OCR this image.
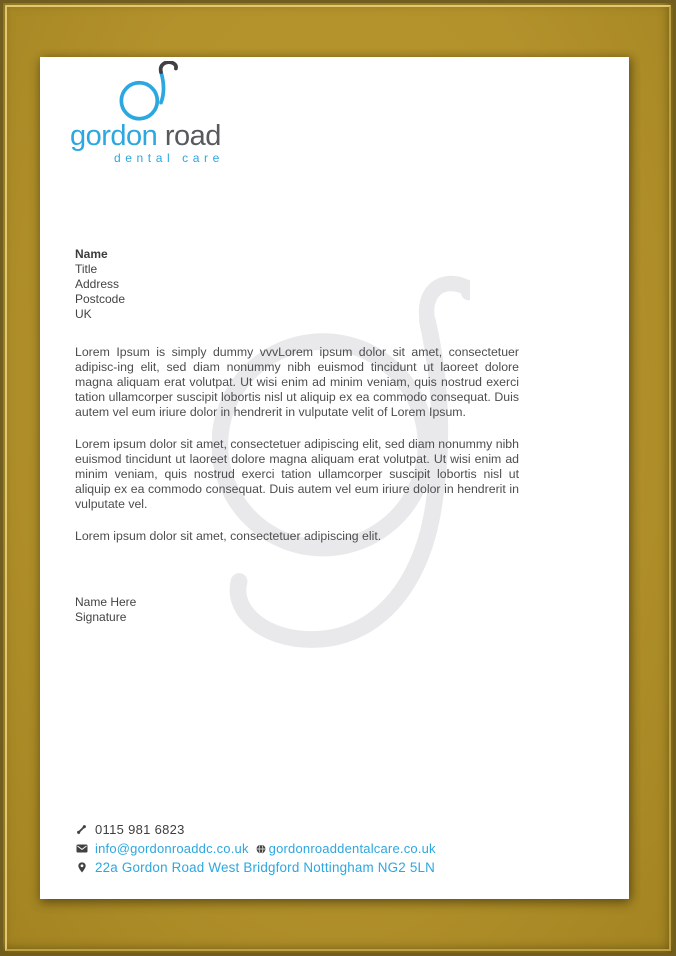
gordon road
dental care
Name
Title
Address
Postcode
UK

Lorem Ipsum is simply dummy vvvLorem ipsum dolor sit amet, consectetuer adipisc-ing elit, sed diam nonummy nibh euismod tincidunt ut laoreet dolore magna aliquam erat volutpat. Ut wisi enim ad minim veniam, quis nostrud exerci tation ullamcorper suscipit lobortis nisl ut aliquip ex ea commodo consequat. Duis autem vel eum iriure dolor in hendrerit in vulputate velit of Lorem Ipsum.

Lorem ipsum dolor sit amet, consectetuer adipiscing elit, sed diam nonummy nibh euismod tincidunt ut laoreet dolore magna aliquam erat volutpat. Ut wisi enim ad minim veniam, quis nostrud exerci tation ullamcorper suscipit lobortis nisl ut aliquip ex ea commodo consequat. Duis autem vel eum iriure dolor in hendrerit in vulputate vel.

Lorem ipsum dolor sit amet, consectetuer adipiscing elit.

Name Here
Signature
0115 981 6823
info@gordonroaddc.co.uk gordonroaddentalcare.co.uk
22a Gordon Road West Bridgford Nottingham NG2 5LN
